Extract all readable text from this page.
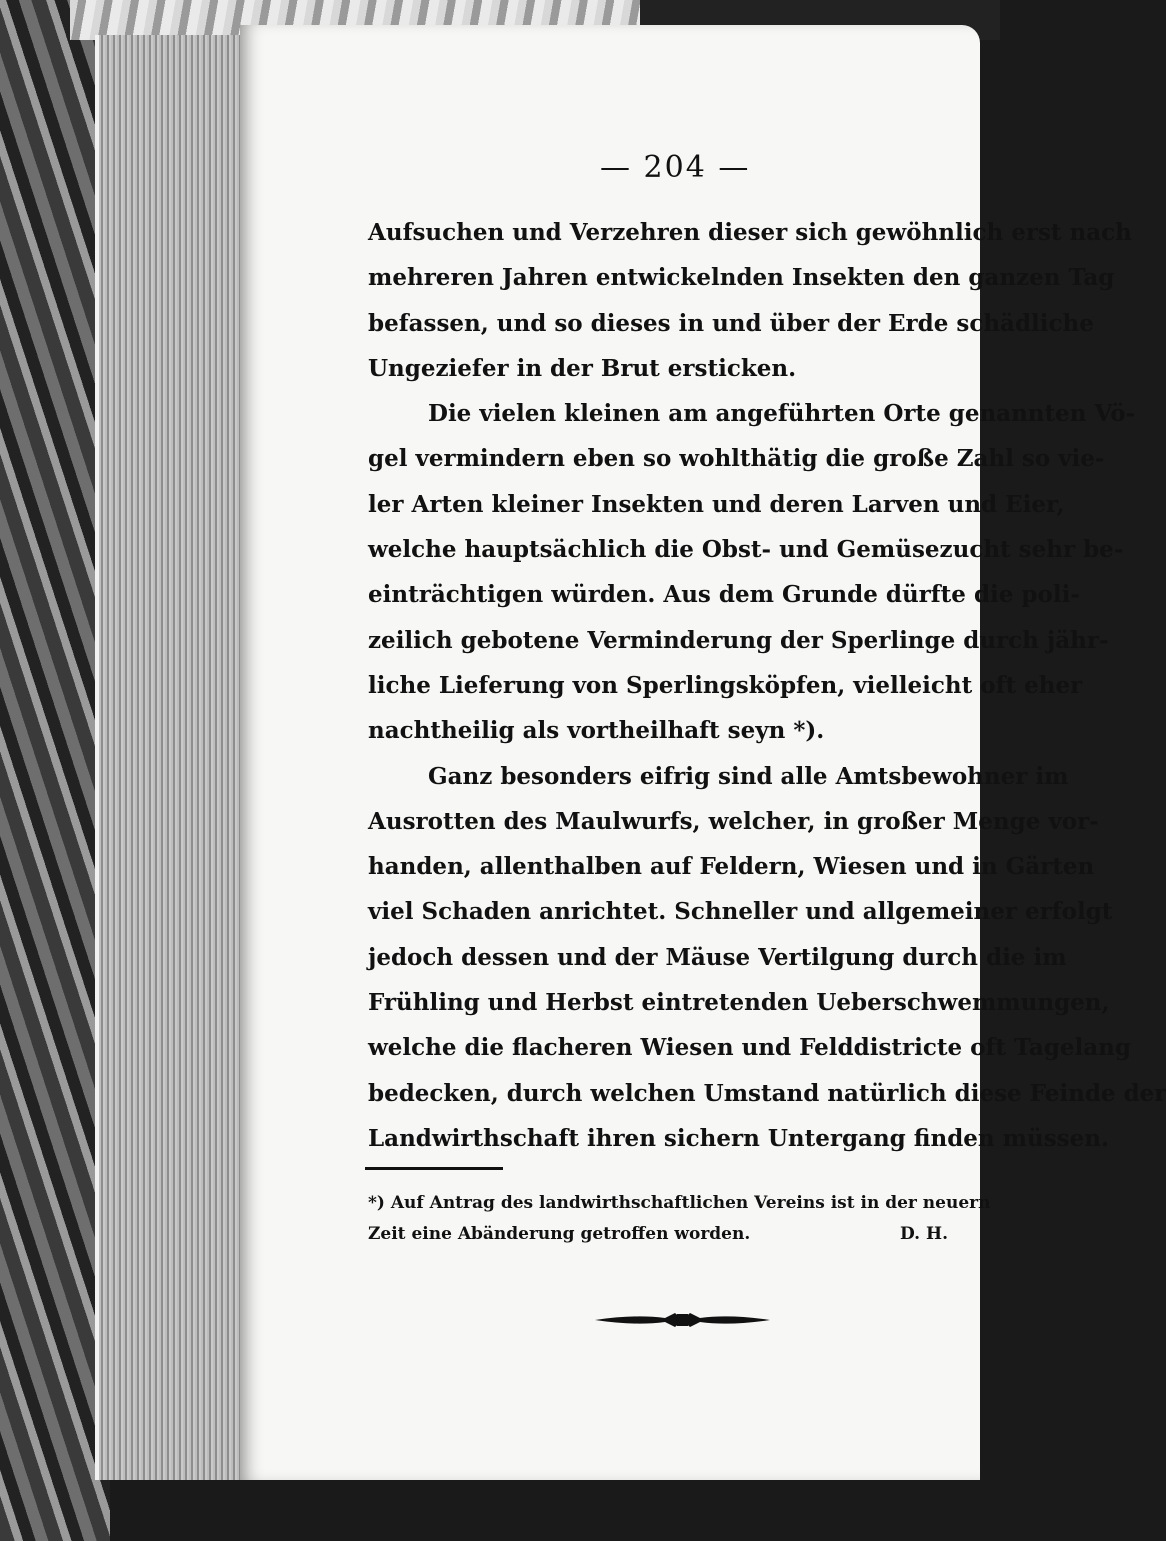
— 204 —
Aufsuchen und Verzehren dieser sich gewöhnlich erst nach
mehreren Jahren entwickelnden Insekten den ganzen Tag
befassen, und so dieses in und über der Erde schädliche
Ungeziefer in der Brut ersticken.
Die vielen kleinen am angeführten Orte genannten Vö-
gel vermindern eben so wohlthätig die große Zahl so vie-
ler Arten kleiner Insekten und deren Larven und Eier,
welche hauptsächlich die Obst- und Gemüsezucht sehr be-
einträchtigen würden. Aus dem Grunde dürfte die poli-
zeilich gebotene Verminderung der Sperlinge durch jähr-
liche Lieferung von Sperlingsköpfen, vielleicht oft eher
nachtheilig als vortheilhaft seyn *).
Ganz besonders eifrig sind alle Amtsbewohner im
Ausrotten des Maulwurfs, welcher, in großer Menge vor-
handen, allenthalben auf Feldern, Wiesen und in Gärten
viel Schaden anrichtet. Schneller und allgemeiner erfolgt
jedoch dessen und der Mäuse Vertilgung durch die im
Frühling und Herbst eintretenden Ueberschwemmungen,
welche die flacheren Wiesen und Felddistricte oft Tagelang
bedecken, durch welchen Umstand natürlich diese Feinde der
Landwirthschaft ihren sichern Untergang finden müssen.
*) Auf Antrag des landwirthschaftlichen Vereins ist in der neuern
Zeit eine Abänderung getroffen worden.	D. H.
